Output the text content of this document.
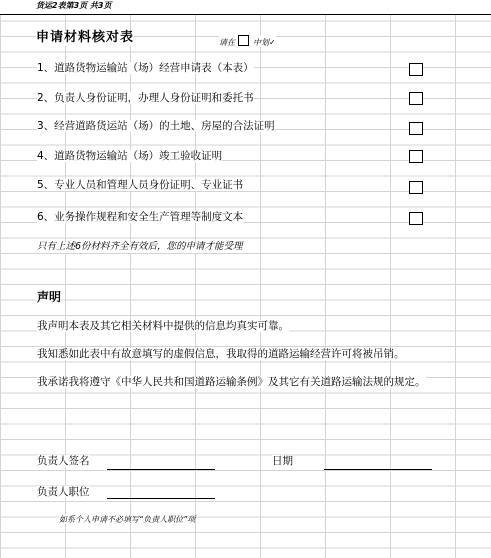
货运2表第3页 共3页
申请材料核对表	请在 中划✓
1、道路货物运输站（场）经营申请表（本表）
2、负责人身份证明，办理人身份证明和委托书
3、经营道路货运站（场）的土地、房屋的合法证明
4、道路货物运输站（场）竣工验收证明
5、专业人员和管理人员身份证明、专业证书
6、业务操作规程和安全生产管理等制度文本
只有上述6份材料齐全有效后，您的申请才能受理
声明
我声明本表及其它相关材料中提供的信息均真实可靠。
我知悉如此表中有故意填写的虚假信息，我取得的道路运输经营许可将被吊销。
我承诺我将遵守《中华人民共和国道路运输条例》及其它有关道路运输法规的规定。
负责人签名	日期
负责人职位
如系个人申请不必填写“负责人职位”项
